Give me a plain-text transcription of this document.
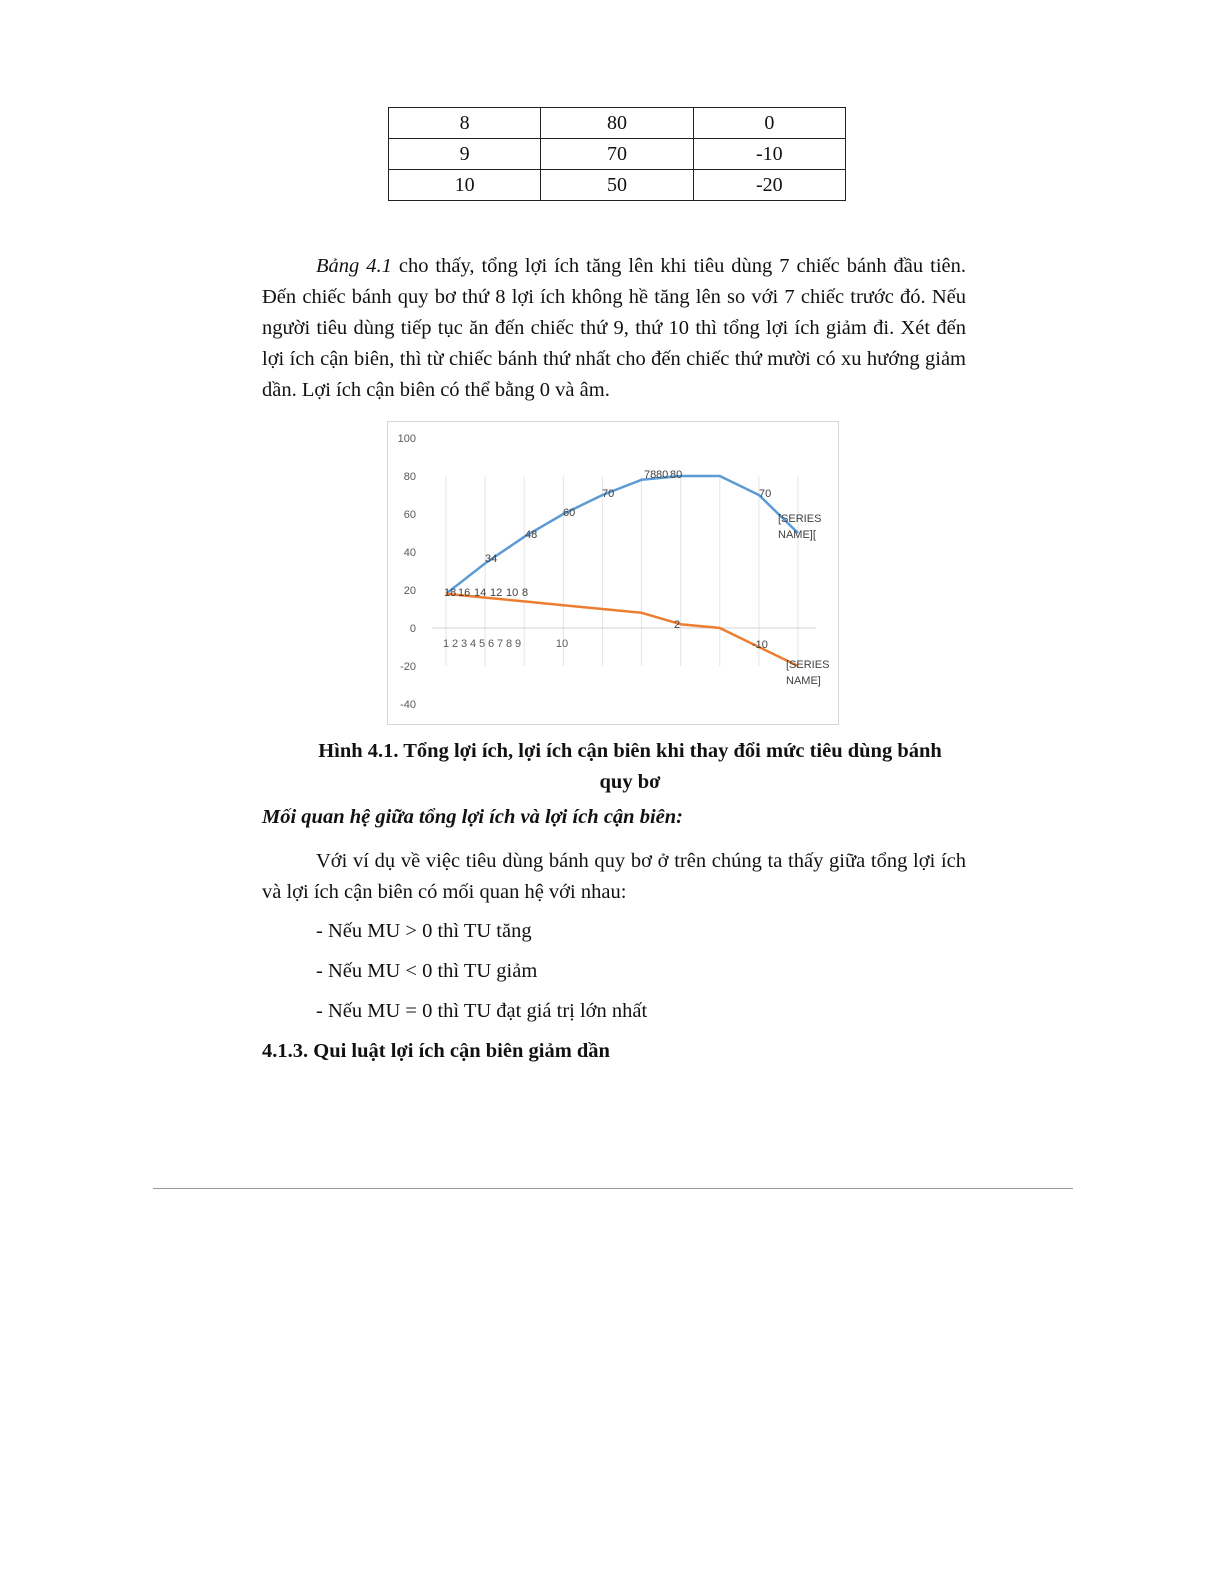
8	80	0
9	70	-10
10	50	-20

Bảng 4.1 cho thấy, tổng lợi ích tăng lên khi tiêu dùng 7 chiếc bánh đầu tiên. Đến chiếc bánh quy bơ thứ 8 lợi ích không hề tăng lên so với 7 chiếc trước đó. Nếu người tiêu dùng tiếp tục ăn đến chiếc thứ 9, thứ 10 thì tổng lợi ích giảm đi. Xét đến lợi ích cận biên, thì từ chiếc bánh thứ nhất cho đến chiếc thứ mười có xu hướng giảm dần. Lợi ích cận biên có thể bằng 0 và âm.

100
80
60
40
20
0
-20
-40
1 2 3 4 5 6 7 8 9	10
18
34
48
60
70
78 80 80
70
[SERIES
NAME][
16 14 12 10 8
2
-10
[SERIES
NAME]

Hình 4.1. Tổng lợi ích, lợi ích cận biên khi thay đổi mức tiêu dùng bánh quy bơ

Mối quan hệ giữa tổng lợi ích và lợi ích cận biên:

Với ví dụ về việc tiêu dùng bánh quy bơ ở trên chúng ta thấy giữa tổng lợi ích và lợi ích cận biên có mối quan hệ với nhau:

- Nếu MU > 0 thì TU tăng

- Nếu MU < 0 thì TU giảm

- Nếu MU = 0 thì TU đạt giá trị lớn nhất

4.1.3. Qui luật lợi ích cận biên giảm dần
